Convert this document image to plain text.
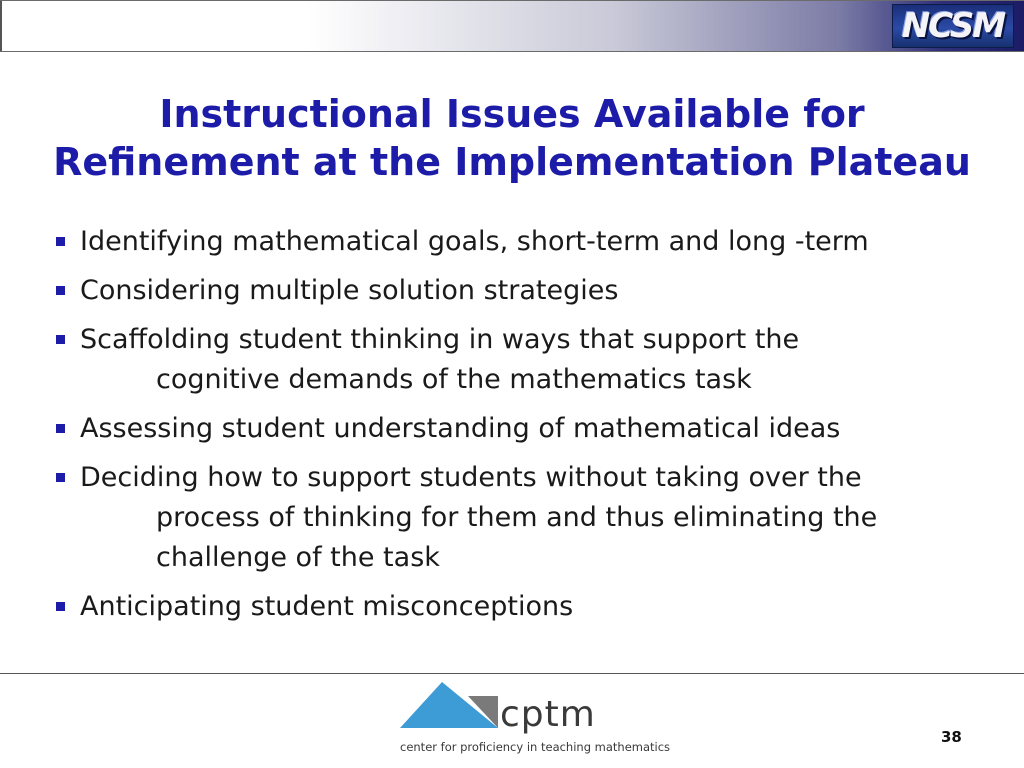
NCSM
Instructional Issues Available for
Refinement at the Implementation Plateau
Identifying mathematical goals, short-term and long -term
Considering multiple solution strategies
Scaffolding student thinking in ways that support the
cognitive demands of the mathematics task
Assessing student understanding of mathematical ideas
Deciding how to support students without taking over the
process of thinking for them and thus eliminating the
challenge of the task
Anticipating student misconceptions
cptm
center for proficiency in teaching mathematics
38
